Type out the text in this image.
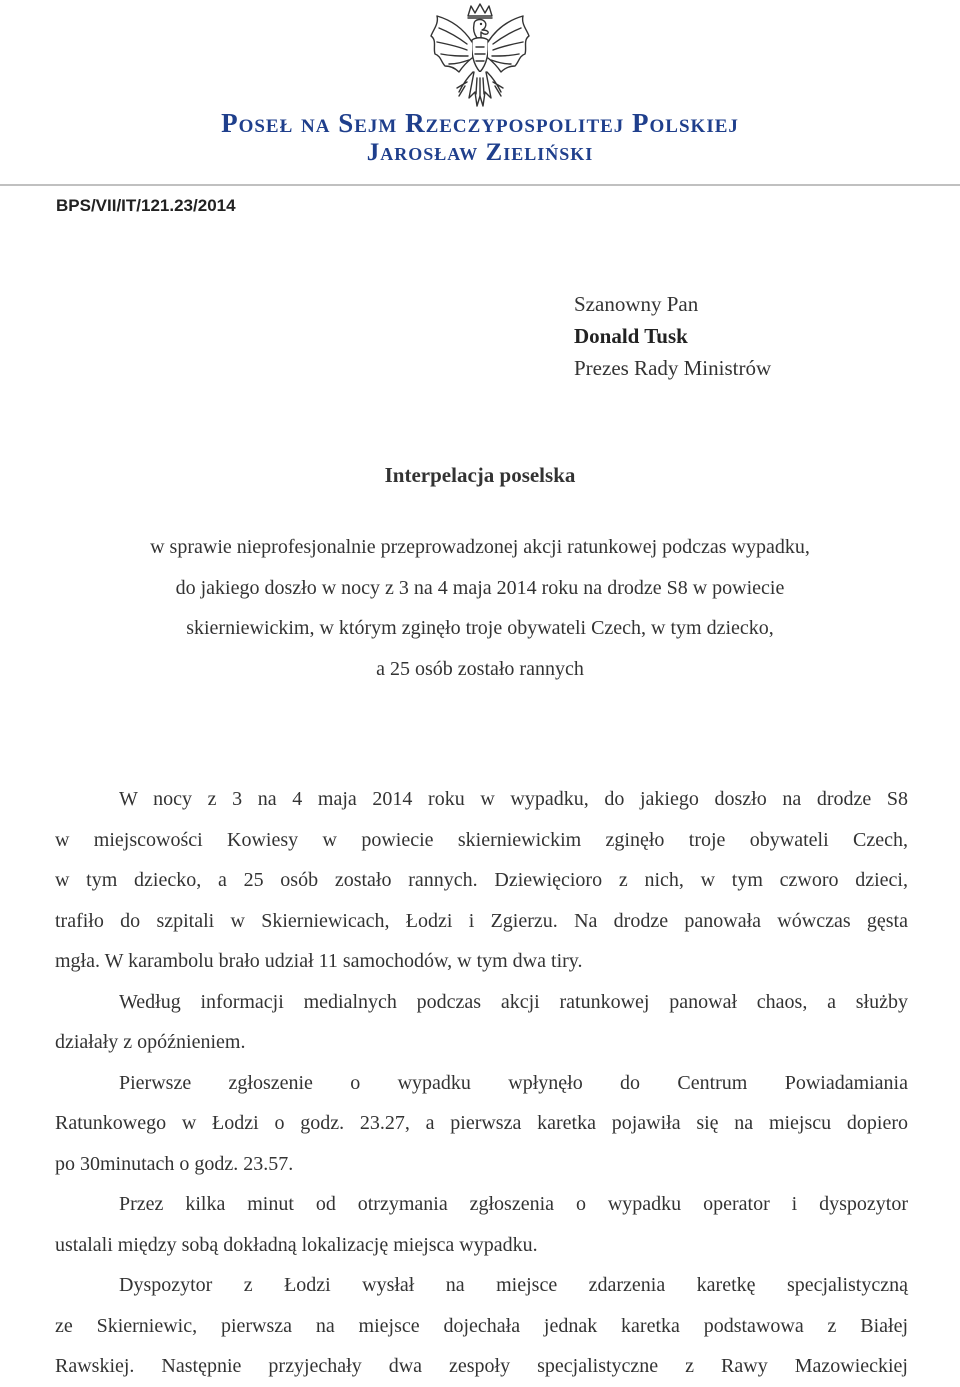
Poseł na Sejm Rzeczypospolitej Polskiej
Jarosław Zieliński
BPS/VII/IT/121.23/2014
Szanowny Pan
Donald Tusk
Prezes Rady Ministrów
Interpelacja poselska
w sprawie nieprofesjonalnie przeprowadzonej akcji ratunkowej podczas wypadku,
do jakiego doszło w nocy z 3 na 4 maja 2014 roku na drodze S8 w powiecie
skierniewickim, w którym zginęło troje obywateli Czech, w tym dziecko,
a 25 osób zostało rannych

W nocy z 3 na 4 maja 2014 roku w wypadku, do jakiego doszło na drodze S8

w miejscowości Kowiesy w powiecie skierniewickim zginęło troje obywateli Czech,

w tym dziecko, a 25 osób zostało rannych. Dziewięcioro z nich, w tym czworo dzieci,

trafiło do szpitali w Skierniewicach, Łodzi i Zgierzu. Na drodze panowała wówczas gęsta

mgła. W karambolu brało udział 11 samochodów, w tym dwa tiry.

Według informacji medialnych podczas akcji ratunkowej panował chaos, a służby

działały z opóźnieniem.

Pierwsze zgłoszenie o wypadku wpłynęło do Centrum Powiadamiania

Ratunkowego w Łodzi o godz. 23.27, a pierwsza karetka pojawiła się na miejscu dopiero

po 30minutach o godz. 23.57.

Przez kilka minut od otrzymania zgłoszenia o wypadku operator i dyspozytor

ustalali między sobą dokładną lokalizację miejsca wypadku.

Dyspozytor z Łodzi wysłał na miejsce zdarzenia karetkę specjalistyczną

ze Skierniewic, pierwsza na miejsce dojechała jednak karetka podstawowa z Białej

Rawskiej. Następnie przyjechały dwa zespoły specjalistyczne z Rawy Mazowieckiej
